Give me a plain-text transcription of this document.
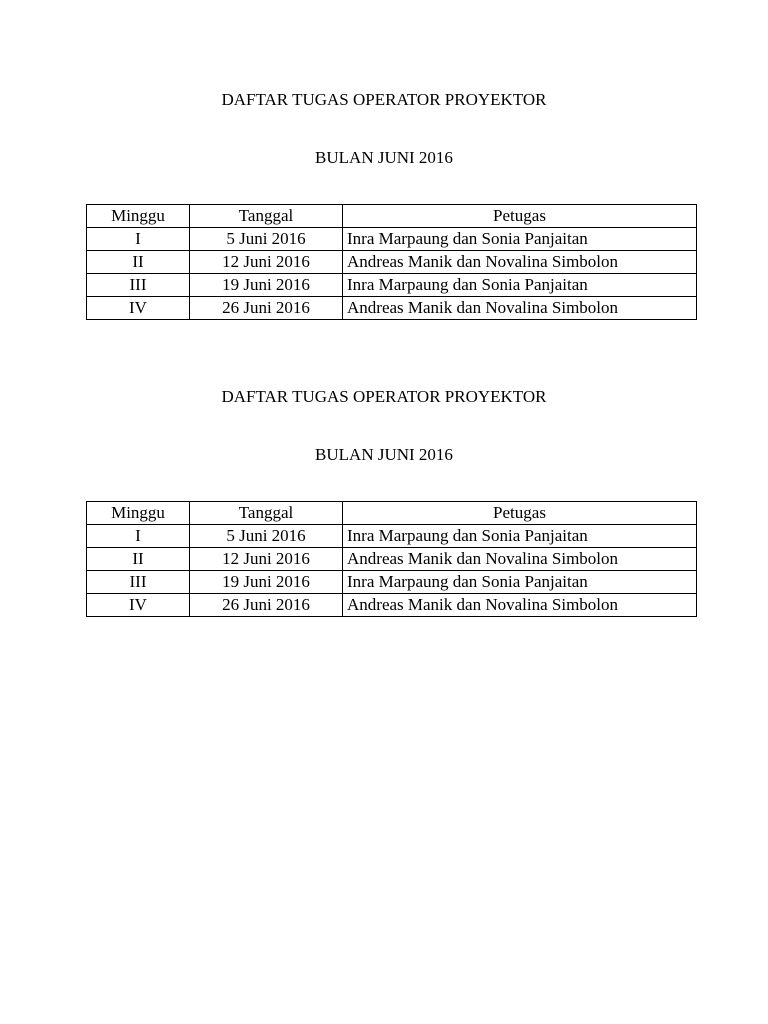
DAFTAR TUGAS OPERATOR PROYEKTOR
BULAN JUNI 2016
Minggu	Tanggal	Petugas
I	5 Juni 2016	Inra Marpaung dan Sonia Panjaitan
II	12 Juni 2016	Andreas Manik dan Novalina Simbolon
III	19 Juni 2016	Inra Marpaung dan Sonia Panjaitan
IV	26 Juni 2016	Andreas Manik dan Novalina Simbolon
DAFTAR TUGAS OPERATOR PROYEKTOR
BULAN JUNI 2016
Minggu	Tanggal	Petugas
I	5 Juni 2016	Inra Marpaung dan Sonia Panjaitan
II	12 Juni 2016	Andreas Manik dan Novalina Simbolon
III	19 Juni 2016	Inra Marpaung dan Sonia Panjaitan
IV	26 Juni 2016	Andreas Manik dan Novalina Simbolon
